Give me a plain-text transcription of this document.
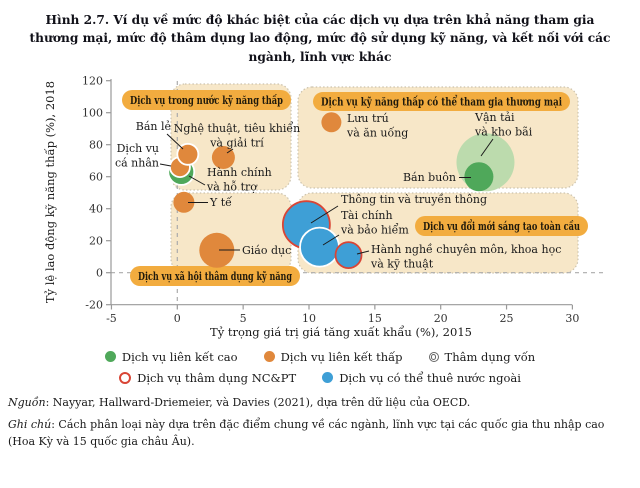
Hình 2.7. Ví dụ về mức độ khác biệt của các dịch vụ dựa trên khả năng tham gia thương mại, mức độ thâm dụng lao động, mức độ sử dụng kỹ năng, và kết nối với các ngành, lĩnh vực khác
Dịch vụ trong nước kỹ năng thấp	Dịch vụ kỹ năng thấp có thể tham gia thương mại
Dịch vụ xã hội thâm dụng kỹ năng
Dịch vụ đổi mới sáng tạo toàn cầu
Nghệ thuật, tiêu khiển
và giải trí
Hành chính
và hỗ trợ
Dịch vụ
cá nhân
Bán lẻ
Y tế
Giáo dục
Lưu trú
và ăn uống
Vận tải
và kho bãi
Bán buôn
Thông tin và truyền thông
Tài chính
và bảo hiểm
Hành nghề chuyên môn, khoa học
và kỹ thuật
-5	0	5	10	15	20	25	30
-20
0
20
40
60
80
100
120
Tỷ trọng giá trị giá tăng xuất khẩu (%), 2015
Tỷ lệ lao động kỹ năng thấp (%), 2018
Dịch vụ liên kết cao	Dịch vụ liên kết thấp	Thâm dụng vốn
Dịch vụ thâm dụng NC&PT	Dịch vụ có thể thuê nước ngoài

Nguồn: Nayyar, Hallward-Driemeier, và Davies (2021), dựa trên dữ liệu của OECD.

Ghi chú: Cách phân loại này dựa trên đặc điểm chung về các ngành, lĩnh vực tại các quốc gia thu nhập cao (Hoa Kỳ và 15 quốc gia châu Âu).
